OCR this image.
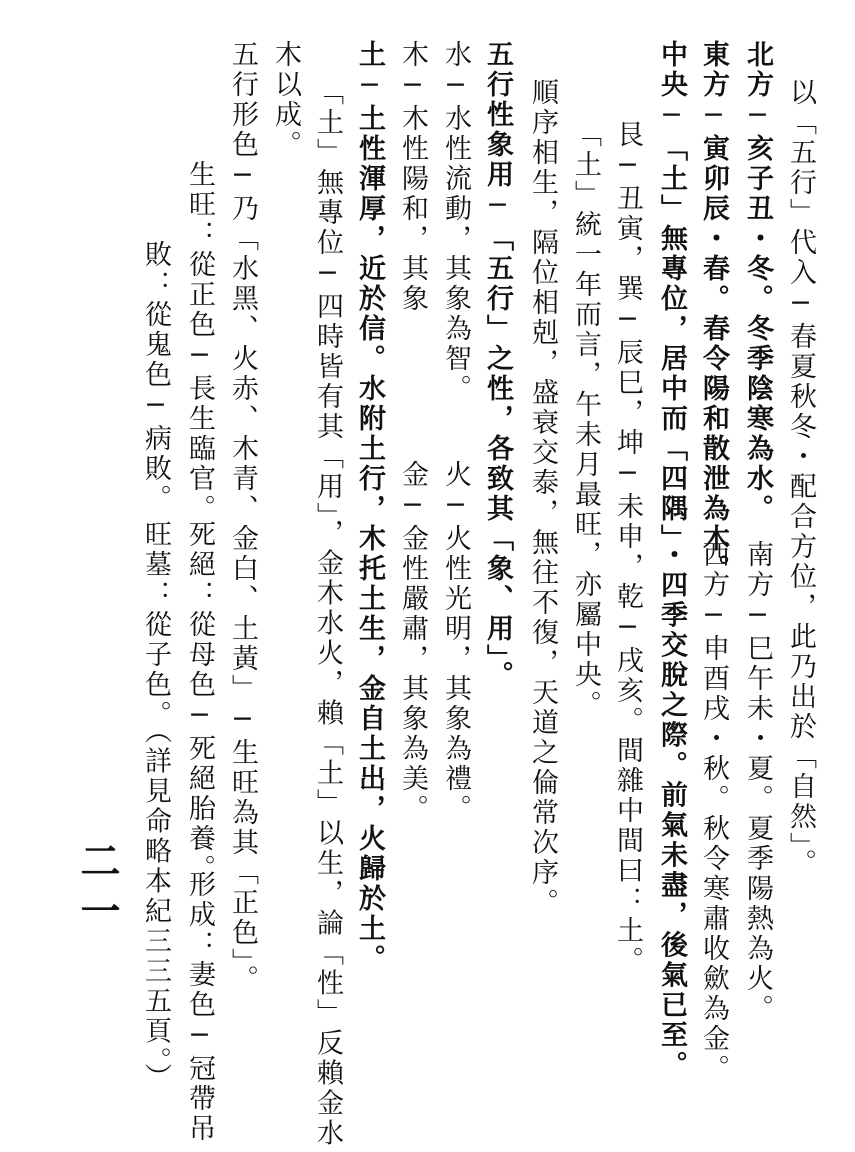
以「五行」代入─春夏秋冬・配合方位，此乃出於「自然」。

北方─亥子丑・冬。冬季陰寒為水。

南方─巳午未・夏。夏季陽熱為火。

東方─寅卯辰・春。春令陽和散泄為木。

西方─申酉戌・秋。秋令寒肅收歛為金。

中央─「土」無專位，居中而「四隅」・四季交脫之際。前氣未盡，後氣已至。

艮─丑寅，巽─辰巳，坤─未申，乾─戌亥。間雜中間曰：土。

「土」統一年而言，午未月最旺，亦屬中央。

順序相生，隔位相剋，盛衰交泰，無往不復，天道之倫常次序。

五行性象用─「五行」之性，各致其「象、用」。

水─水性流動，其象為智。

火─火性光明，其象為禮。

木─木性陽和，其象

金─金性嚴肅，其象為美。

土─土性渾厚，近於信。水附土行，木托土生，金自土出，火歸於土。

「土」無專位─四時皆有其「用」，金木水火，賴「土」以生，論「性」反賴金水

木以成。

五行形色─乃「水黑、火赤、木青、金白、土黃」─生旺為其「正色」。

生旺：從正色─長生臨官。

死絕：從母色─死絕胎養。

形成：妻色─冠帶吊

敗：從鬼色─病敗。

旺墓：從子色。（詳見命略本紀三三五頁。）

二一
